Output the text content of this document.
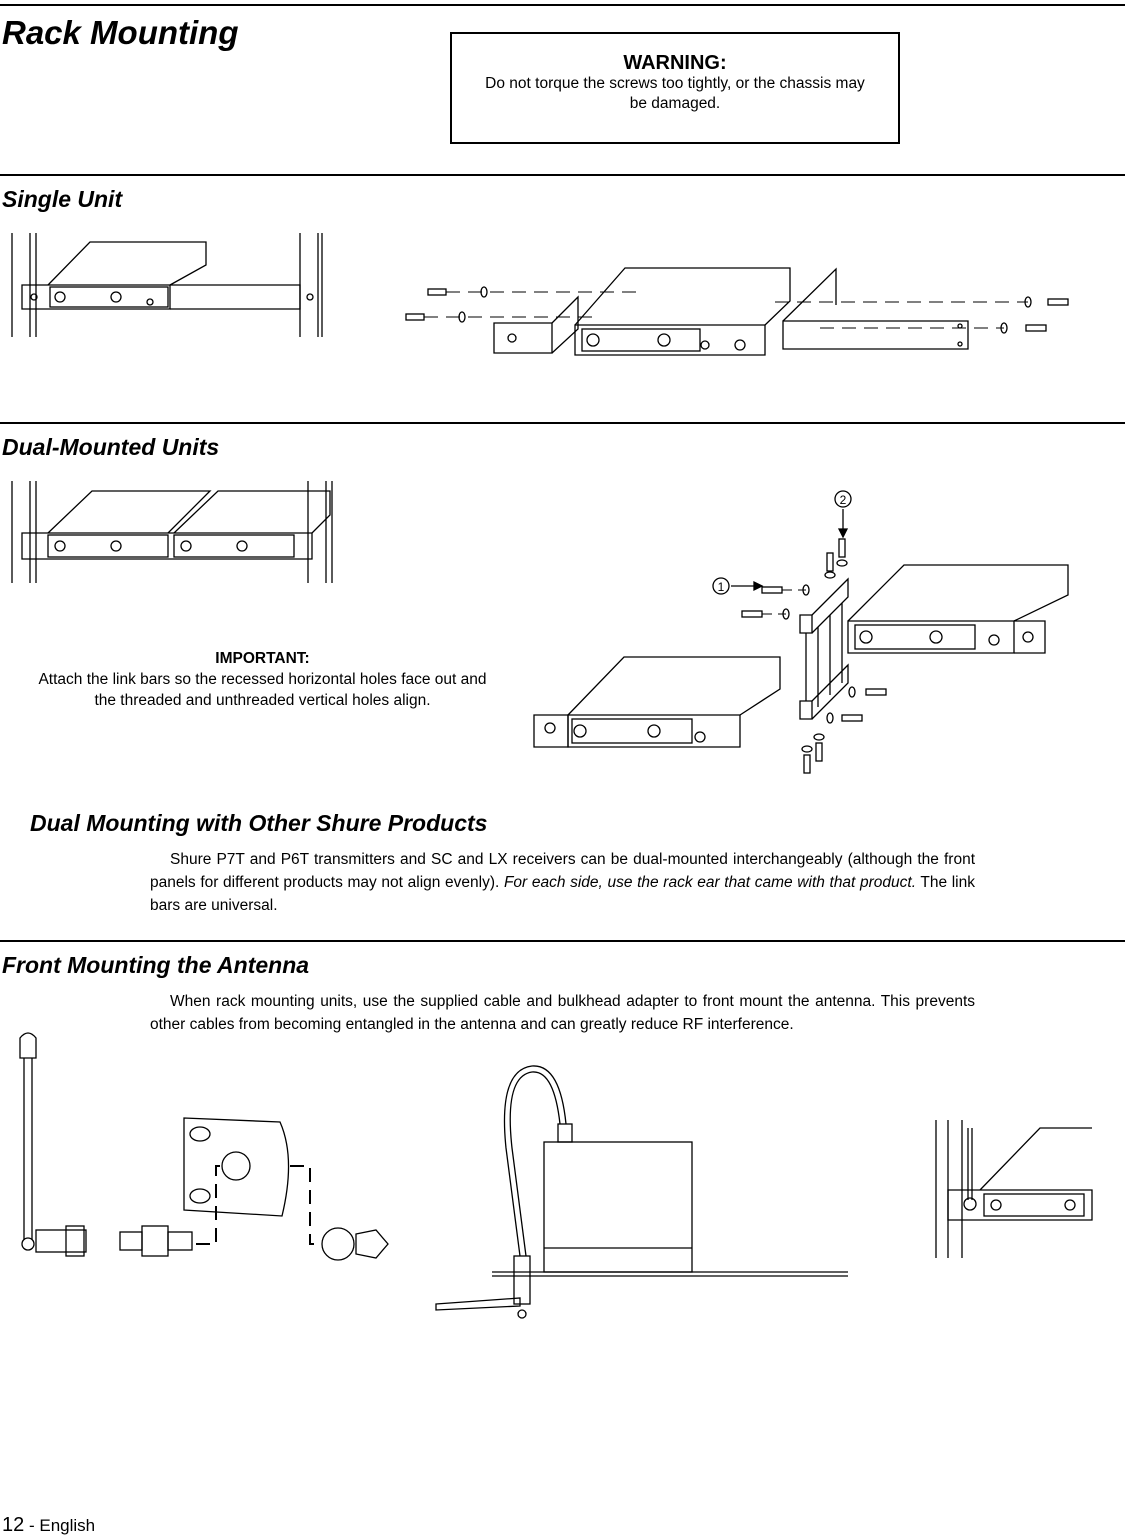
Rack Mounting
WARNING:
Do not torque the screws too tightly, or the chassis may be damaged.
Single Unit
Dual-Mounted Units
1
2
IMPORTANT:
Attach the link bars so the recessed horizontal holes face out and the threaded and unthreaded vertical holes align.
Dual Mounting with Other Shure Products

Shure P7T and P6T transmitters and SC and LX receivers can be dual-mounted interchangeably (although the front panels for different products may not align evenly). For each side, use the rack ear that came with that product. The link bars are universal.

Front Mounting the Antenna

When rack mounting units, use the supplied cable and bulkhead adapter to front mount the antenna. This prevents other cables from becoming entangled in the antenna and can greatly reduce RF interference.

12 - English
